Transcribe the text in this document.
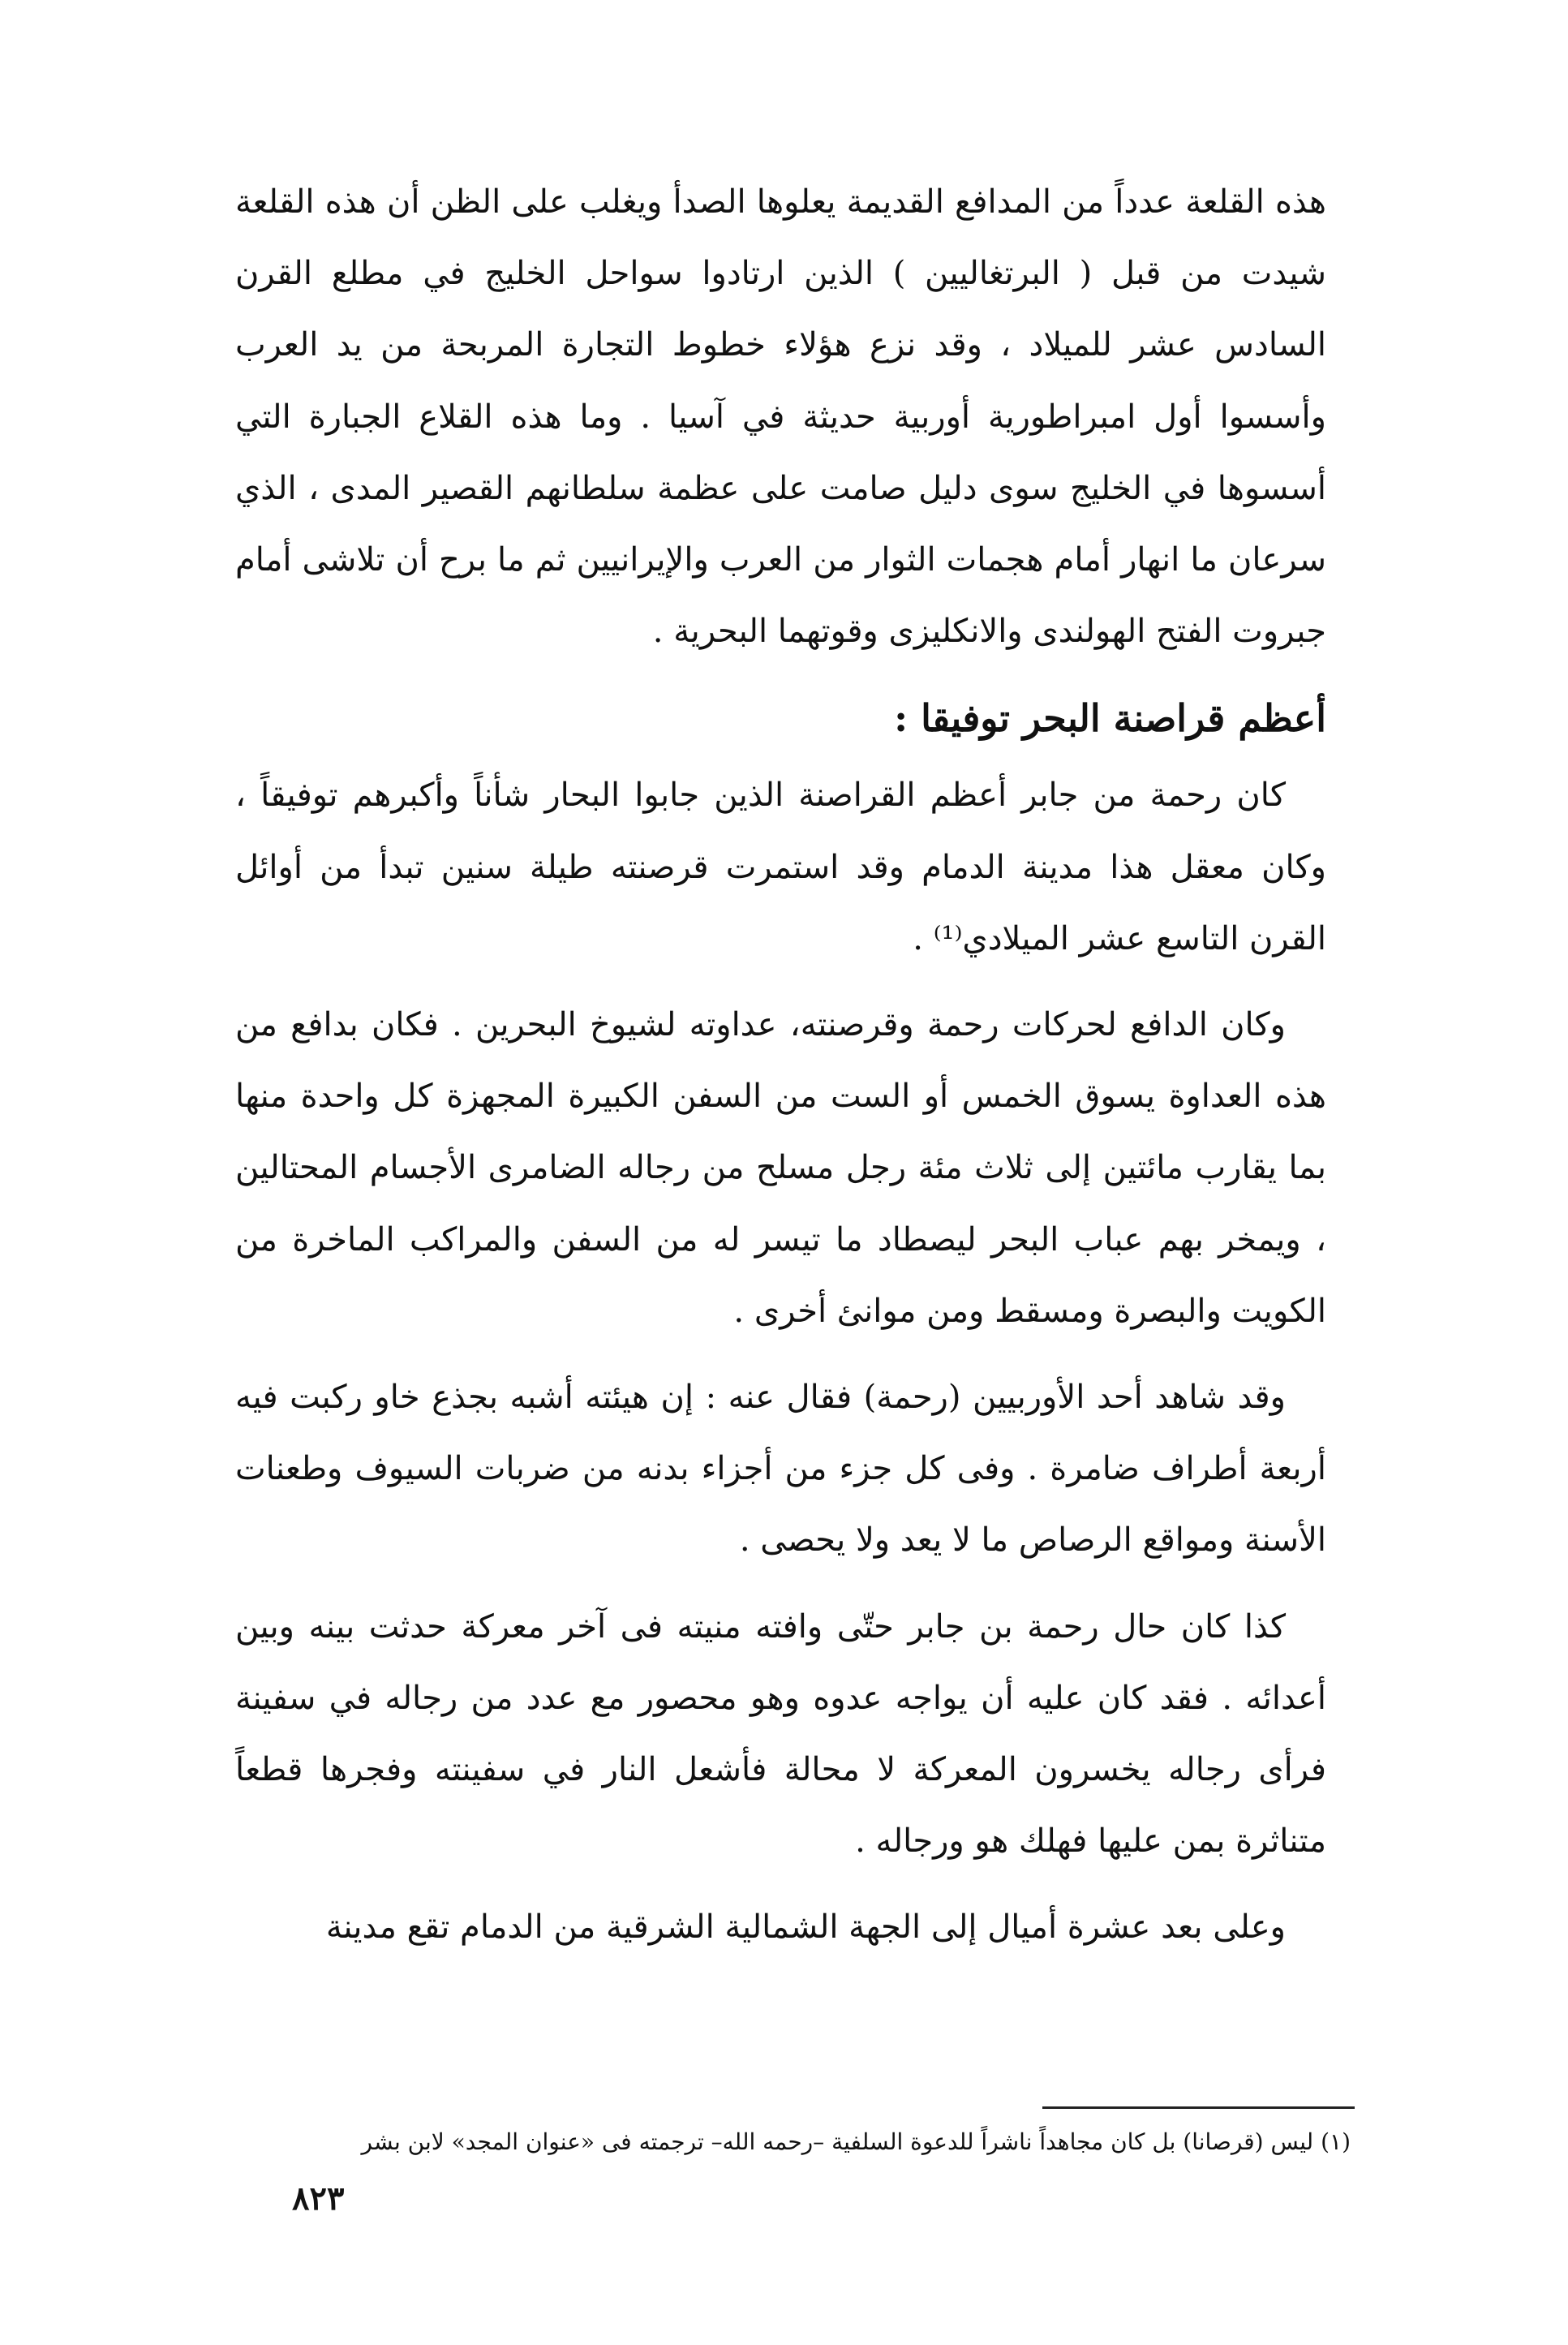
هذه القلعة عدداً من المدافع القديمة يعلوها الصدأ ويغلب على الظن أن هذه القلعة شيدت من قبل ( البرتغاليين ) الذين ارتادوا سواحل الخليج في مطلع القرن السادس عشر للميلاد ، وقد نزع هؤلاء خطوط التجارة المربحة من يد العرب وأسسوا أول امبراطورية أوربية حديثة في آسيا . وما هذه القلاع الجبارة التي أسسوها في الخليج سوى دليل صامت على عظمة سلطانهم القصير المدى ، الذي سرعان ما انهار أمام هجمات الثوار من العرب والإيرانيين ثم ما برح أن تلاشى أمام جبروت الفتح الهولندى والانكليزى وقوتهما البحرية .

أعظم قراصنة البحر توفيقا :

كان رحمة من جابر أعظم القراصنة الذين جابوا البحار شأناً وأكبرهم توفيقاً ، وكان معقل هذا مدينة الدمام وقد استمرت قرصنته طيلة سنين تبدأ من أوائل القرن التاسع عشر الميلادي⁽¹⁾ .

وكان الدافع لحركات رحمة وقرصنته، عداوته لشيوخ البحرين . فكان بدافع من هذه العداوة يسوق الخمس أو الست من السفن الكبيرة المجهزة كل واحدة منها بما يقارب مائتين إلى ثلاث مئة رجل مسلح من رجاله الضامرى الأجسام المحتالين ، ويمخر بهم عباب البحر ليصطاد ما تيسر له من السفن والمراكب الماخرة من الكويت والبصرة ومسقط ومن موانئ أخرى .

وقد شاهد أحد الأوربيين (رحمة) فقال عنه : إن هيئته أشبه بجذع خاو ركبت فيه أربعة أطراف ضامرة . وفى كل جزء من أجزاء بدنه من ضربات السيوف وطعنات الأسنة ومواقع الرصاص ما لا يعد ولا يحصى .

كذا كان حال رحمة بن جابر حتّى وافته منيته فى آخر معركة حدثت بينه وبين أعدائه . فقد كان عليه أن يواجه عدوه وهو محصور مع عدد من رجاله في سفينة فرأى رجاله يخسرون المعركة لا محالة فأشعل النار في سفينته وفجرها قطعاً متناثرة بمن عليها فهلك هو ورجاله .

وعلى بعد عشرة أميال إلى الجهة الشمالية الشرقية من الدمام تقع مدينة

(١) ليس (قرصانا) بل كان مجاهداً ناشراً للدعوة السلفية –رحمه الله– ترجمته فى «عنوان المجد» لابن بشر
٨٢٣
